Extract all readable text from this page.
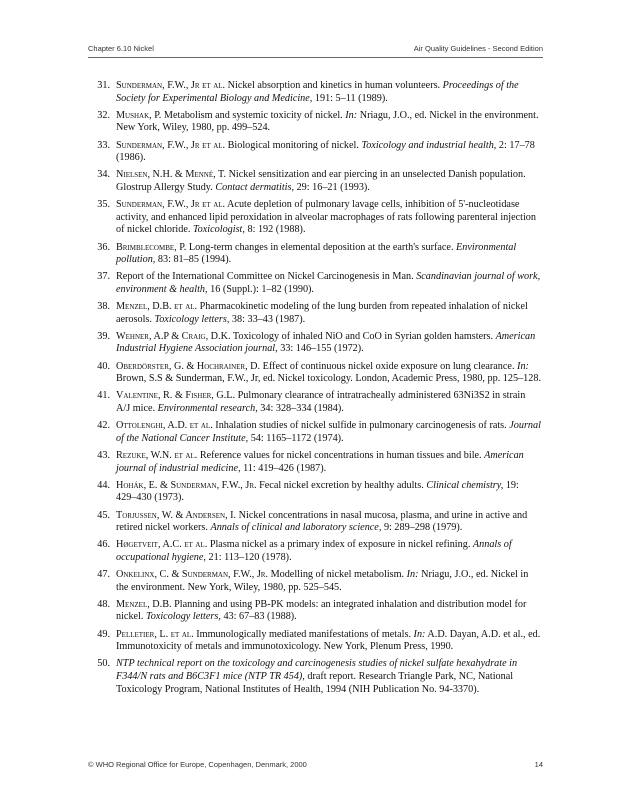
Chapter 6.10 Nickel	Air Quality Guidelines - Second Edition
31. Sunderman, F.W., Jr et al. Nickel absorption and kinetics in human volunteers. Proceedings of the Society for Experimental Biology and Medicine, 191: 5–11 (1989).
32. Mushak, P. Metabolism and systemic toxicity of nickel. In: Nriagu, J.O., ed. Nickel in the environment. New York, Wiley, 1980, pp. 499–524.
33. Sunderman, F.W., Jr et al. Biological monitoring of nickel. Toxicology and industrial health, 2: 17–78 (1986).
34. Nielsen, N.H. & Menné, T. Nickel sensitization and ear piercing in an unselected Danish population. Glostrup Allergy Study. Contact dermatitis, 29: 16–21 (1993).
35. Sunderman, F.W., Jr et al. Acute depletion of pulmonary lavage cells, inhibition of 5'-nucleotidase activity, and enhanced lipid peroxidation in alveolar macrophages of rats following parenteral injection of nickel chloride. Toxicologist, 8: 192 (1988).
36. Brimblecombe, P. Long-term changes in elemental deposition at the earth's surface. Environmental pollution, 83: 81–85 (1994).
37. Report of the International Committee on Nickel Carcinogenesis in Man. Scandinavian journal of work, environment & health, 16 (Suppl.): 1–82 (1990).
38. Menzel, D.B. et al. Pharmacokinetic modeling of the lung burden from repeated inhalation of nickel aerosols. Toxicology letters, 38: 33–43 (1987).
39. Wehner, A.P & Craig, D.K. Toxicology of inhaled NiO and CoO in Syrian golden hamsters. American Industrial Hygiene Association journal, 33: 146–155 (1972).
40. Oberdörster, G. & Hochrainer, D. Effect of continuous nickel oxide exposure on lung clearance. In: Brown, S.S & Sunderman, F.W., Jr, ed. Nickel toxicology. London, Academic Press, 1980, pp. 125–128.
41. Valentine, R. & Fisher, G.L. Pulmonary clearance of intratracheally administered 63Ni3S2 in strain A/J mice. Environmental research, 34: 328–334 (1984).
42. Ottolenghi, A.D. et al. Inhalation studies of nickel sulfide in pulmonary carcinogenesis of rats. Journal of the National Cancer Institute, 54: 1165–1172 (1974).
43. Rezuke, W.N. et al. Reference values for nickel concentrations in human tissues and bile. American journal of industrial medicine, 11: 419–426 (1987).
44. Hohák, E. & Sunderman, F.W., Jr. Fecal nickel excretion by healthy adults. Clinical chemistry, 19: 429–430 (1973).
45. Torjussen, W. & Andersen, I. Nickel concentrations in nasal mucosa, plasma, and urine in active and retired nickel workers. Annals of clinical and laboratory science, 9: 289–298 (1979).
46. Høgetveit, A.C. et al. Plasma nickel as a primary index of exposure in nickel refining. Annals of occupational hygiene, 21: 113–120 (1978).
47. Onkelinx, C. & Sunderman, F.W., Jr. Modelling of nickel metabolism. In: Nriagu, J.O., ed. Nickel in the environment. New York, Wiley, 1980, pp. 525–545.
48. Menzel, D.B. Planning and using PB-PK models: an integrated inhalation and distribution model for nickel. Toxicology letters, 43: 67–83 (1988).
49. Pelletier, L. et al. Immunologically mediated manifestations of metals. In: A.D. Dayan, A.D. et al., ed. Immunotoxicity of metals and immunotoxicology. New York, Plenum Press, 1990.
50. NTP technical report on the toxicology and carcinogenesis studies of nickel sulfate hexahydrate in F344/N rats and B6C3F1 mice (NTP TR 454), draft report. Research Triangle Park, NC, National Toxicology Program, National Institutes of Health, 1994 (NIH Publication No. 94-3370).
© WHO Regional Office for Europe, Copenhagen, Denmark, 2000	14
